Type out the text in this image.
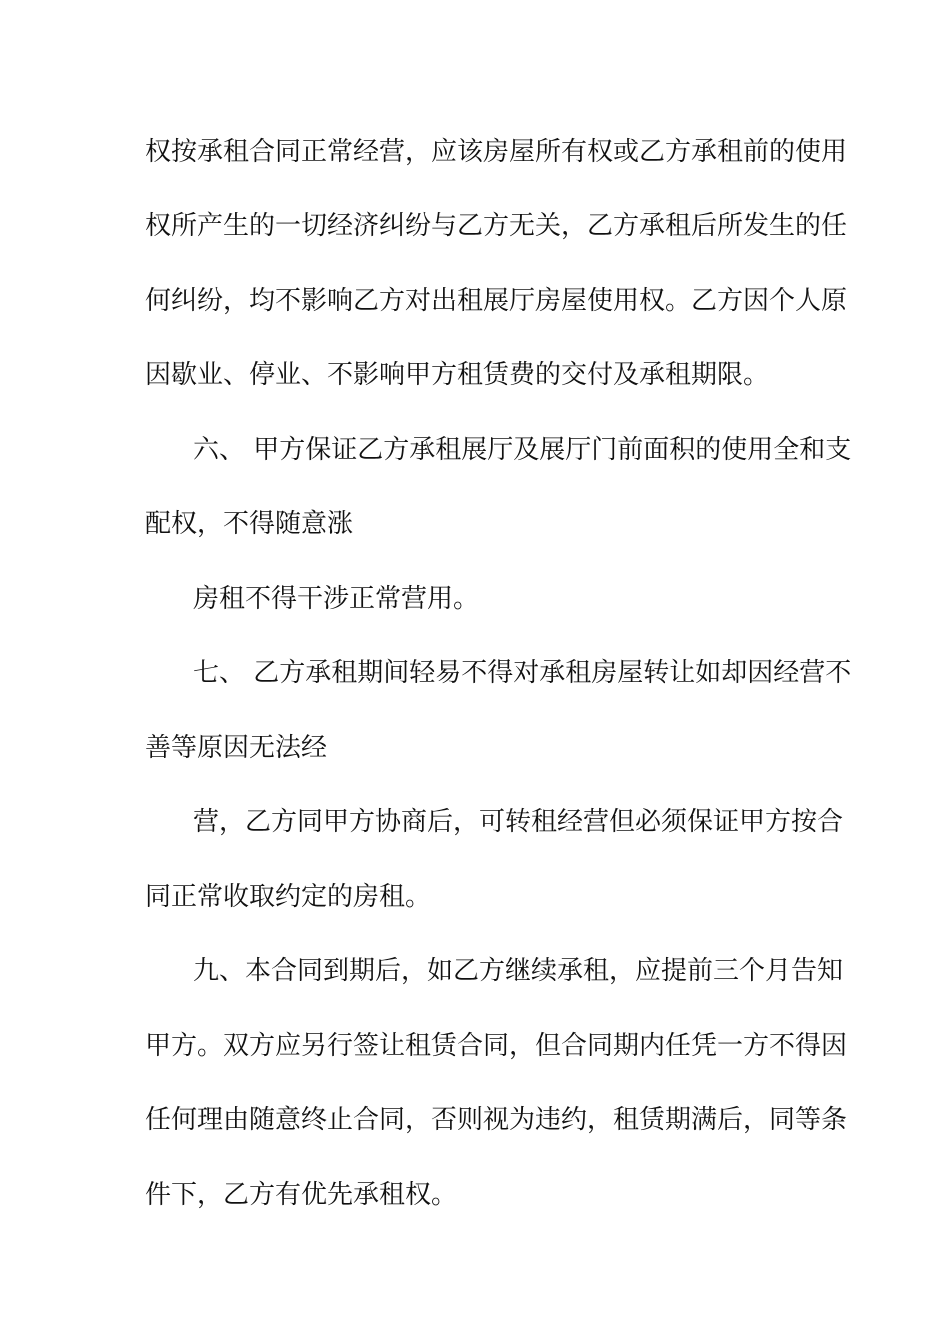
权按承租合同正常经营，应该房屋所有权或乙方承租前的使用
权所产生的一切经济纠纷与乙方无关，乙方承租后所发生的任
何纠纷，均不影响乙方对出租展厅房屋使用权。乙方因个人原
因歇业、停业、不影响甲方租赁费的交付及承租期限。
六、 甲方保证乙方承租展厅及展厅门前面积的使用全和支
配权，不得随意涨
房租不得干涉正常营用。
七、 乙方承租期间轻易不得对承租房屋转让如却因经营不
善等原因无法经
营，乙方同甲方协商后，可转租经营但必须保证甲方按合
同正常收取约定的房租。
九、本合同到期后，如乙方继续承租，应提前三个月告知
甲方。双方应另行签让租赁合同，但合同期内任凭一方不得因
任何理由随意终止合同，否则视为违约，租赁期满后，同等条
件下，乙方有优先承租权。
